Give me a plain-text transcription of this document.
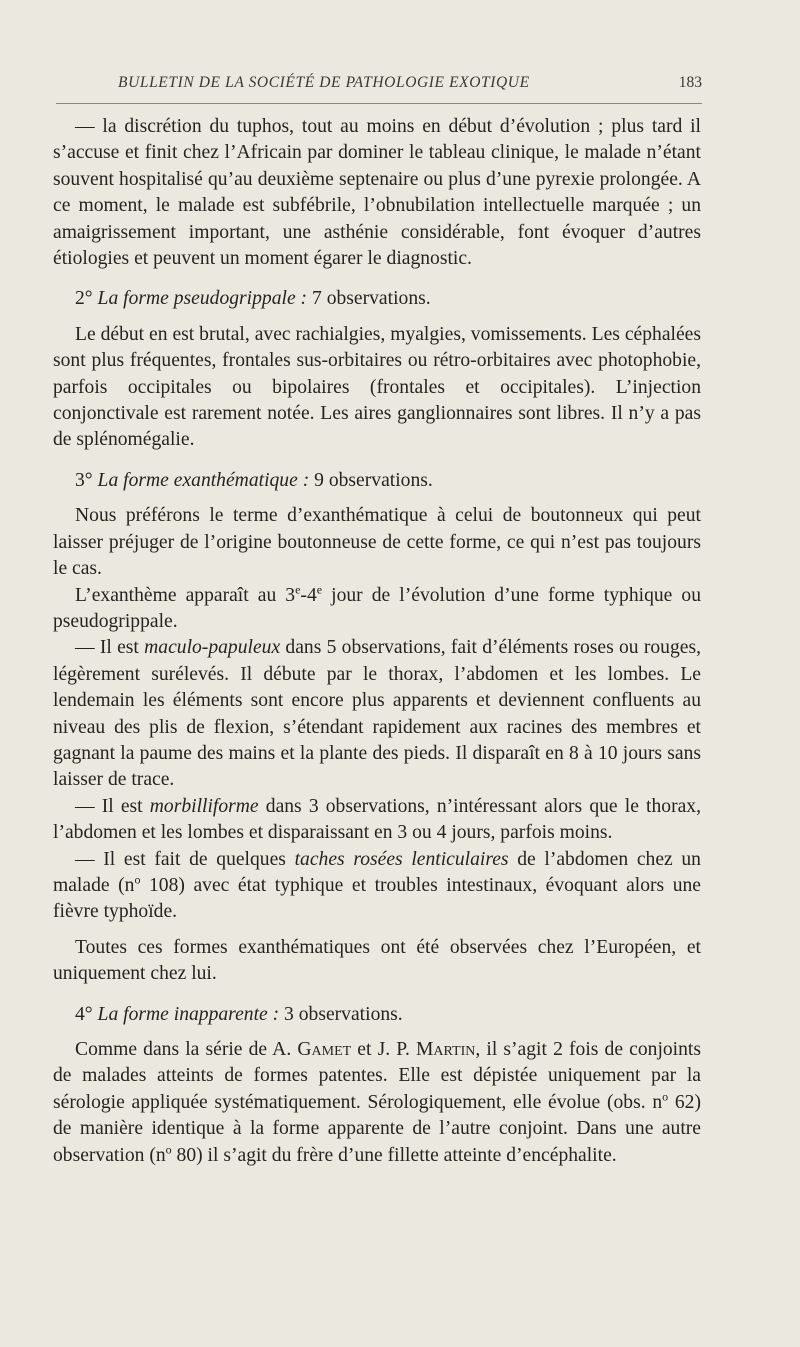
BULLETIN DE LA SOCIÉTÉ DE PATHOLOGIE EXOTIQUE	183

— la discrétion du tuphos, tout au moins en début d’évolution ; plus tard il s’accuse et finit chez l’Africain par dominer le tableau clinique, le malade n’étant souvent hospitalisé qu’au deuxième septenaire ou plus d’une pyrexie prolongée. A ce moment, le malade est subfébrile, l’obnubilation intellectuelle marquée ; un amaigrissement important, une asthénie considérable, font évoquer d’autres étiologies et peuvent un moment égarer le diagnostic.

2° La forme pseudogrippale : 7 observations.

Le début en est brutal, avec rachialgies, myalgies, vomissements. Les céphalées sont plus fréquentes, frontales sus-orbitaires ou rétro-orbitaires avec photophobie, parfois occipitales ou bipolaires (frontales et occipitales). L’injection conjonctivale est rarement notée. Les aires ganglionnaires sont libres. Il n’y a pas de splénomégalie.

3° La forme exanthématique : 9 observations.

Nous préférons le terme d’exanthématique à celui de boutonneux qui peut laisser préjuger de l’origine boutonneuse de cette forme, ce qui n’est pas toujours le cas.

L’exanthème apparaît au 3e-4e jour de l’évolution d’une forme typhique ou pseudogrippale.

— Il est maculo-papuleux dans 5 observations, fait d’éléments roses ou rouges, légèrement surélevés. Il débute par le thorax, l’abdomen et les lombes. Le lendemain les éléments sont encore plus apparents et deviennent confluents au niveau des plis de flexion, s’étendant rapidement aux racines des membres et gagnant la paume des mains et la plante des pieds. Il disparaît en 8 à 10 jours sans laisser de trace.

— Il est morbilliforme dans 3 observations, n’intéressant alors que le thorax, l’abdomen et les lombes et disparaissant en 3 ou 4 jours, parfois moins.

— Il est fait de quelques taches rosées lenticulaires de l’abdomen chez un malade ($n^o$ 108) avec état typhique et troubles intestinaux, évoquant alors une fièvre typhoïde.

Toutes ces formes exanthématiques ont été observées chez l’Européen, et uniquement chez lui.

4° La forme inapparente : 3 observations.

Comme dans la série de A. Gamet et J. P. Martin, il s’agit 2 fois de conjoints de malades atteints de formes patentes. Elle est dépistée uniquement par la sérologie appliquée systématiquement. Sérologiquement, elle évolue (obs. $n^o$ 62) de manière identique à la forme apparente de l’autre conjoint. Dans une autre observation ($n^o$ 80) il s’agit du frère d’une fillette atteinte d’encéphalite.
